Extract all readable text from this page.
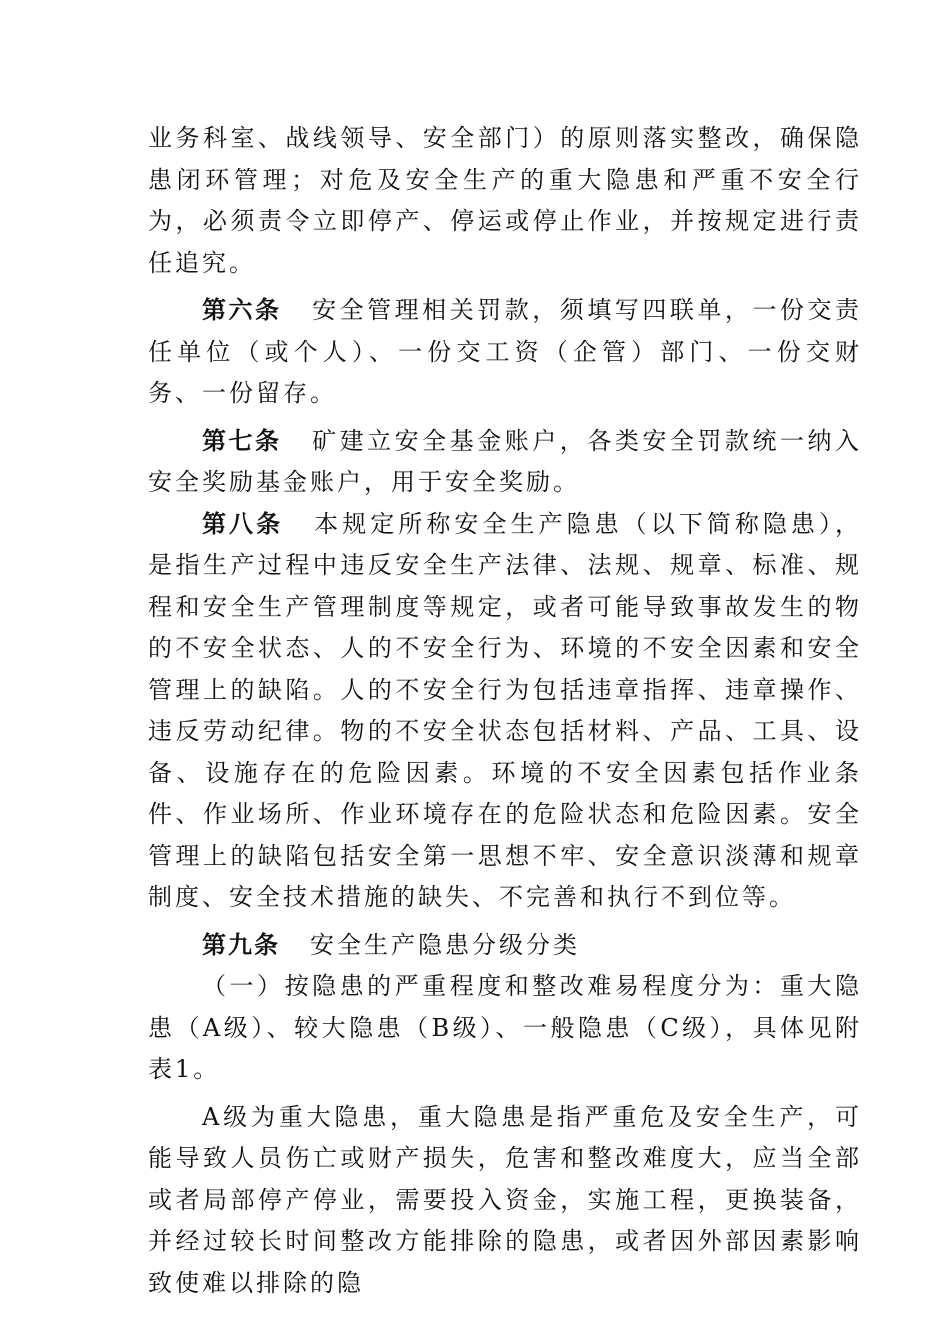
业务科室、战线领导、安全部门）的原则落实整改，确保隐患闭环管理；对危及安全生产的重大隐患和严重不安全行为，必须责令立即停产、停运或停止作业，并按规定进行责任追究。

第六条 安全管理相关罚款，须填写四联单，一份交责任单位（或个人）、一份交工资（企管）部门、一份交财务、一份留存。

第七条 矿建立安全基金账户，各类安全罚款统一纳入安全奖励基金账户，用于安全奖励。

第八条 本规定所称安全生产隐患（以下简称隐患），是指生产过程中违反安全生产法律、法规、规章、标准、规程和安全生产管理制度等规定，或者可能导致事故发生的物的不安全状态、人的不安全行为、环境的不安全因素和安全管理上的缺陷。人的不安全行为包括违章指挥、违章操作、违反劳动纪律。物的不安全状态包括材料、产品、工具、设备、设施存在的危险因素。环境的不安全因素包括作业条件、作业场所、作业环境存在的危险状态和危险因素。安全管理上的缺陷包括安全第一思想不牢、安全意识淡薄和规章制度、安全技术措施的缺失、不完善和执行不到位等。

第九条 安全生产隐患分级分类

（一）按隐患的严重程度和整改难易程度分为：重大隐患（A级）、较大隐患（B级）、一般隐患（C级），具体见附表1。

A级为重大隐患，重大隐患是指严重危及安全生产，可能导致人员伤亡或财产损失，危害和整改难度大，应当全部或者局部停产停业，需要投入资金，实施工程，更换装备，并经过较长时间整改方能排除的隐患，或者因外部因素影响致使难以排除的隐
